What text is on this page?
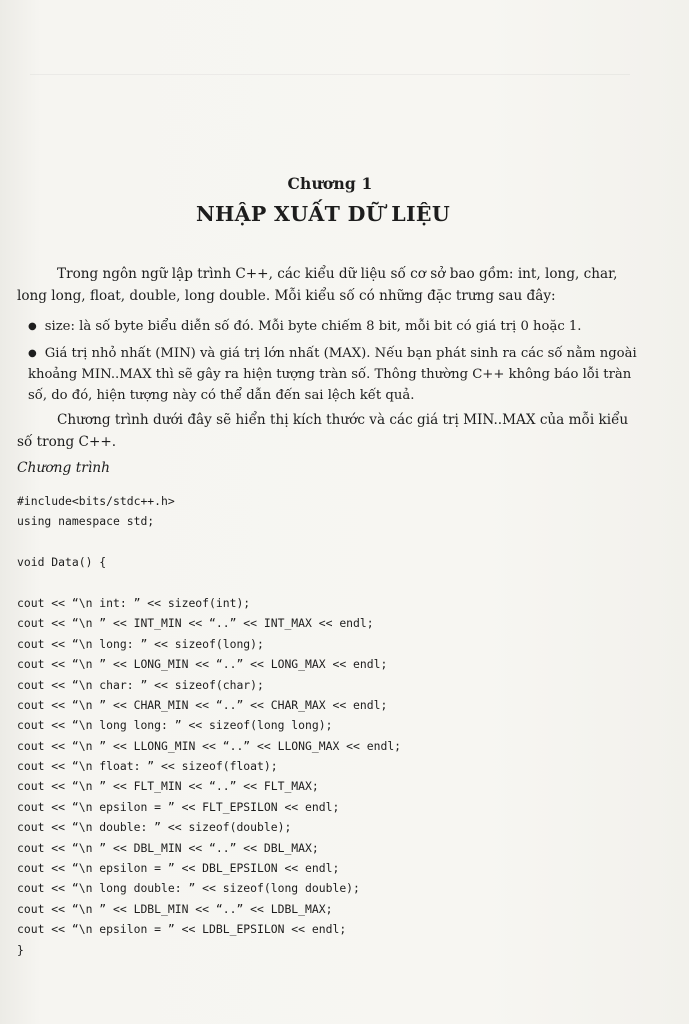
Chương 1
NHẬP XUẤT DỮ LIỆU
Trong ngôn ngữ lập trình C++, các kiểu dữ liệu số cơ sở bao gồm: int, long, char, long long, float, double, long double. Mỗi kiểu số có những đặc trưng sau đây:
● size: là số byte biểu diễn số đó. Mỗi byte chiếm 8 bit, mỗi bit có giá trị 0 hoặc 1.
● Giá trị nhỏ nhất (MIN) và giá trị lớn nhất (MAX). Nếu bạn phát sinh ra các số nằm ngoài khoảng MIN..MAX thì sẽ gây ra hiện tượng tràn số. Thông thường C++ không báo lỗi tràn số, do đó, hiện tượng này có thể dẫn đến sai lệch kết quả.
Chương trình dưới đây sẽ hiển thị kích thước và các giá trị MIN..MAX của mỗi kiểu số trong C++.
Chương trình
#include<bits/stdc++.h>
using namespace std;
void Data() {
cout << “\n int: ” << sizeof(int);
cout << “\n ” << INT_MIN << “..” << INT_MAX << endl;
cout << “\n long: ” << sizeof(long);
cout << “\n ” << LONG_MIN << “..” << LONG_MAX << endl;
cout << “\n char: ” << sizeof(char);
cout << “\n ” << CHAR_MIN << “..” << CHAR_MAX << endl;
cout << “\n long long: ” << sizeof(long long);
cout << “\n ” << LLONG_MIN << “..” << LLONG_MAX << endl;
cout << “\n float: ” << sizeof(float);
cout << “\n ” << FLT_MIN << “..” << FLT_MAX;
cout << “\n epsilon = ” << FLT_EPSILON << endl;
cout << “\n double: ” << sizeof(double);
cout << “\n ” << DBL_MIN << “..” << DBL_MAX;
cout << “\n epsilon = ” << DBL_EPSILON << endl;
cout << “\n long double: ” << sizeof(long double);
cout << “\n ” << LDBL_MIN << “..” << LDBL_MAX;
cout << “\n epsilon = ” << LDBL_EPSILON << endl;
}
